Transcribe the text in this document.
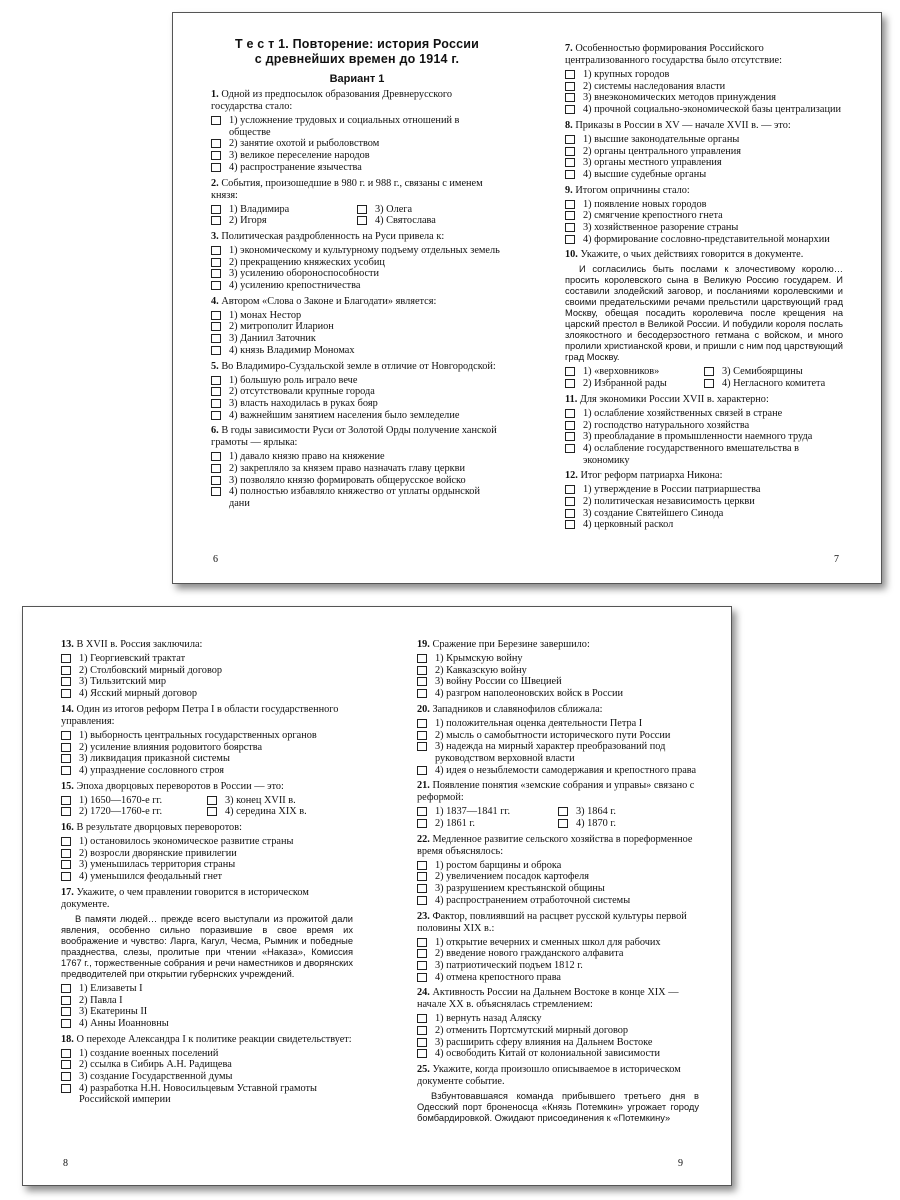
Т е с т 1. Повторение: история России
с древнейших времен до 1914 г.
Вариант 1
1. Одной из предпосылок образования Древнерусского государства стало:
1) усложнение трудовых и социальных отношений в обществе
2) занятие охотой и рыболовством
3) великое переселение народов
4) распространение язычества
2. События, произошедшие в 980 г. и 988 г., связаны с именем князя:
1) Владимира	3) Олега
2) Игоря	4) Святослава
3. Политическая раздробленность на Руси привела к:
1) экономическому и культурному подъему отдельных земель
2) прекращению княжеских усобиц
3) усилению обороноспособности
4) усилению крепостничества
4. Автором «Слова о Законе и Благодати» является:
1) монах Нестор
2) митрополит Иларион
3) Даниил Заточник
4) князь Владимир Мономах
5. Во Владимиро-Суздальской земле в отличие от Новгородской:
1) большую роль играло вече
2) отсутствовали крупные города
3) власть находилась в руках бояр
4) важнейшим занятием населения было земледелие
6. В годы зависимости Руси от Золотой Орды получение ханской грамоты — ярлыка:
1) давало князю право на княжение
2) закрепляло за князем право назначать главу церкви
3) позволяло князю формировать общерусское войско
4) полностью избавляло княжество от уплаты ордынской дани
7. Особенностью формирования Российского централизованного государства было отсутствие:
1) крупных городов
2) системы наследования власти
3) внеэкономических методов принуждения
4) прочной социально-экономической базы централизации
8. Приказы в России в XV — начале XVII в. — это:
1) высшие законодательные органы
2) органы центрального управления
3) органы местного управления
4) высшие судебные органы
9. Итогом опричнины стало:
1) появление новых городов
2) смягчение крепостного гнета
3) хозяйственное разорение страны
4) формирование сословно-представительной монархии
10. Укажите, о чьих действиях говорится в документе.
И согласились быть послами к злочестивому королю… просить королевского сына в Великую Россию государем. И составили злодейский заговор, и посланиями королевскими и своими предательскими речами прельстили царствующий град Москву, обещая посадить королевича после крещения на царский престол в Великой России. И побудили короля послать злоякостного и бесодерзостного гетмана с войском, и много пролили христианской крови, и пришли с ним под царствующий град Москву.
1) «верховников»	3) Семибоярщины
2) Избранной рады	4) Негласного комитета
11. Для экономики России XVII в. характерно:
1) ослабление хозяйственных связей в стране
2) господство натурального хозяйства
3) преобладание в промышленности наемного труда
4) ослабление государственного вмешательства в экономику
12. Итог реформ патриарха Никона:
1) утверждение в России патриаршества
2) политическая независимость церкви
3) создание Святейшего Синода
4) церковный раскол
6	7
13. В XVII в. Россия заключила:
1) Георгиевский трактат
2) Столбовский мирный договор
3) Тильзитский мир
4) Ясский мирный договор
14. Один из итогов реформ Петра I в области государственного управления:
1) выборность центральных государственных органов
2) усиление влияния родовитого боярства
3) ликвидация приказной системы
4) упразднение сословного строя
15. Эпоха дворцовых переворотов в России — это:
1) 1650—1670-е гг.	3) конец XVII в.
2) 1720—1760-е гг.	4) середина XIX в.
16. В результате дворцовых переворотов:
1) остановилось экономическое развитие страны
2) возросли дворянские привилегии
3) уменьшилась территория страны
4) уменьшился феодальный гнет
17. Укажите, о чем правлении говорится в историческом документе.
В памяти людей… прежде всего выступали из прожитой дали явления, особенно сильно поразившие в свое время их воображение и чувство: Ларга, Кагул, Чесма, Рымник и победные празднества, слезы, пролитые при чтении «Наказа», Комиссия 1767 г., торжественные собрания и речи наместников и дворянских предводителей при открытии губернских учреждений.
1) Елизаветы I
2) Павла I
3) Екатерины II
4) Анны Иоанновны
18. О переходе Александра I к политике реакции свидетельствует:
1) создание военных поселений
2) ссылка в Сибирь А.Н. Радищева
3) создание Государственной думы
4) разработка Н.Н. Новосильцевым Уставной грамоты Российской империи
19. Сражение при Березине завершило:
1) Крымскую войну
2) Кавказскую войну
3) войну России со Швецией
4) разгром наполеоновских войск в России
20. Западников и славянофилов сближала:
1) положительная оценка деятельности Петра I
2) мысль о самобытности исторического пути России
3) надежда на мирный характер преобразований под руководством верховной власти
4) идея о незыблемости самодержавия и крепостного права
21. Появление понятия «земские собрания и управы» связано с реформой:
1) 1837—1841 гг.	3) 1864 г.
2) 1861 г.	4) 1870 г.
22. Медленное развитие сельского хозяйства в пореформенное время объяснялось:
1) ростом барщины и оброка
2) увеличением посадок картофеля
3) разрушением крестьянской общины
4) распространением отработочной системы
23. Фактор, повлиявший на расцвет русской культуры первой половины XIX в.:
1) открытие вечерних и сменных школ для рабочих
2) введение нового гражданского алфавита
3) патриотический подъем 1812 г.
4) отмена крепостного права
24. Активность России на Дальнем Востоке в конце XIX — начале XX в. объяснялась стремлением:
1) вернуть назад Аляску
2) отменить Портсмутский мирный договор
3) расширить сферу влияния на Дальнем Востоке
4) освободить Китай от колониальной зависимости
25. Укажите, когда произошло описываемое в историческом документе событие.
Взбунтовавшаяся команда прибывшего третьего дня в Одесский порт броненосца «Князь Потемкин» угрожает городу бомбардировкой. Ожидают присоединения к «Потемкину»
8	9
